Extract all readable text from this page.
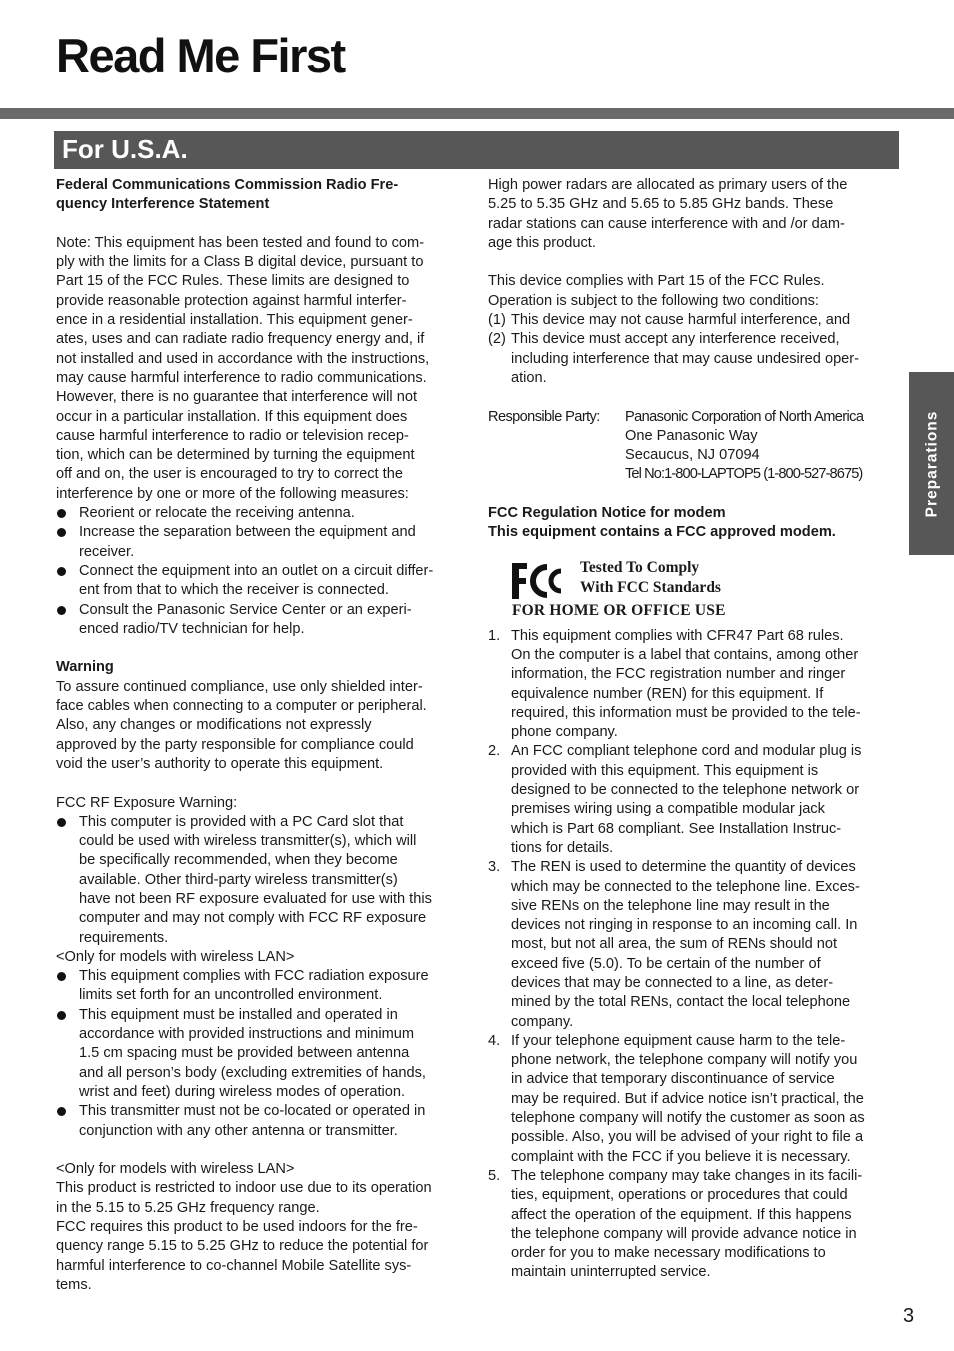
Read Me First
For U.S.A.

Federal Communications Commission Radio Fre-
quency Interference Statement

Note: This equipment has been tested and found to com-
ply with the limits for a Class B digital device, pursuant to
Part 15 of the FCC Rules. These limits are designed to
provide reasonable protection against harmful interfer-
ence in a residential installation. This equipment gener-
ates, uses and can radiate radio frequency energy and, if
not installed and used in accordance with the instructions,
may cause harmful interference to radio communications.
However, there is no guarantee that interference will not
occur in a particular installation. If this equipment does
cause harmful interference to radio or television recep-
tion, which can be determined by turning the equipment
off and on, the user is encouraged to try to correct the
interference by one or more of the following measures:

Reorient or relocate the receiving antenna.
Increase the separation between the equipment and
receiver.
Connect the equipment into an outlet on a circuit differ-
ent from that to which the receiver is connected.
Consult the Panasonic Service Center or an experi-
enced radio/TV technician for help.

Warning

To assure continued compliance, use only shielded inter-
face cables when connecting to a computer or peripheral.
Also, any changes or modifications not expressly
approved by the party responsible for compliance could
void the user’s authority to operate this equipment.

FCC RF Exposure Warning:

This computer is provided with a PC Card slot that
could be used with wireless transmitter(s), which will
be specifically recommended, when they become
available. Other third-party wireless transmitter(s)
have not been RF exposure evaluated for use with this
computer and may not comply with FCC RF exposure
requirements.

<Only for models with wireless LAN>

This equipment complies with FCC radiation exposure
limits set forth for an uncontrolled environment.
This equipment must be installed and operated in
accordance with provided instructions and minimum
1.5 cm spacing must be provided between antenna
and all person’s body (excluding extremities of hands,
wrist and feet) during wireless modes of operation.
This transmitter must not be co-located or operated in
conjunction with any other antenna or transmitter.

<Only for models with wireless LAN>

This product is restricted to indoor use due to its operation
in the 5.15 to 5.25 GHz frequency range.
FCC requires this product to be used indoors for the fre-
quency range 5.15 to 5.25 GHz to reduce the potential for
harmful interference to co-channel Mobile Satellite sys-
tems.

High power radars are allocated as primary users of the
5.25 to 5.35 GHz and 5.65 to 5.85 GHz bands. These
radar stations can cause interference with and /or dam-
age this product.

This device complies with Part 15 of the FCC Rules.
Operation is subject to the following two conditions:

(1) This device may not cause harmful interference, and
(2) This device must accept any interference received,
including interference that may cause undesired oper-
ation.
Responsible Party:	Panasonic Corporation of North America
One Panasonic Way
Secaucus, NJ 07094
Tel No:1-800-LAPTOP5 (1-800-527-8675)

FCC Regulation Notice for modem
This equipment contains a FCC approved modem.

Tested To Comply
With FCC Standards
FOR HOME OR OFFICE USE
1. This equipment complies with CFR47 Part 68 rules.
On the computer is a label that contains, among other
information, the FCC registration number and ringer
equivalence number (REN) for this equipment. If
required, this information must be provided to the tele-
phone company.
2. An FCC compliant telephone cord and modular plug is
provided with this equipment. This equipment is
designed to be connected to the telephone network or
premises wiring using a compatible modular jack
which is Part 68 compliant. See Installation Instruc-
tions for details.
3. The REN is used to determine the quantity of devices
which may be connected to the telephone line. Exces-
sive RENs on the telephone line may result in the
devices not ringing in response to an incoming call. In
most, but not all area, the sum of RENs should not
exceed five (5.0). To be certain of the number of
devices that may be connected to a line, as deter-
mined by the total RENs, contact the local telephone
company.
4. If your telephone equipment cause harm to the tele-
phone network, the telephone company will notify you
in advice that temporary discontinuance of service
may be required. But if advice notice isn’t practical, the
telephone company will notify the customer as soon as
possible. Also, you will be advised of your right to file a
complaint with the FCC if you believe it is necessary.
5. The telephone company may take changes in its facili-
ties, equipment, operations or procedures that could
affect the operation of the equipment. If this happens
the telephone company will provide advance notice in
order for you to make necessary modifications to
maintain uninterrupted service.
Preparations
3
